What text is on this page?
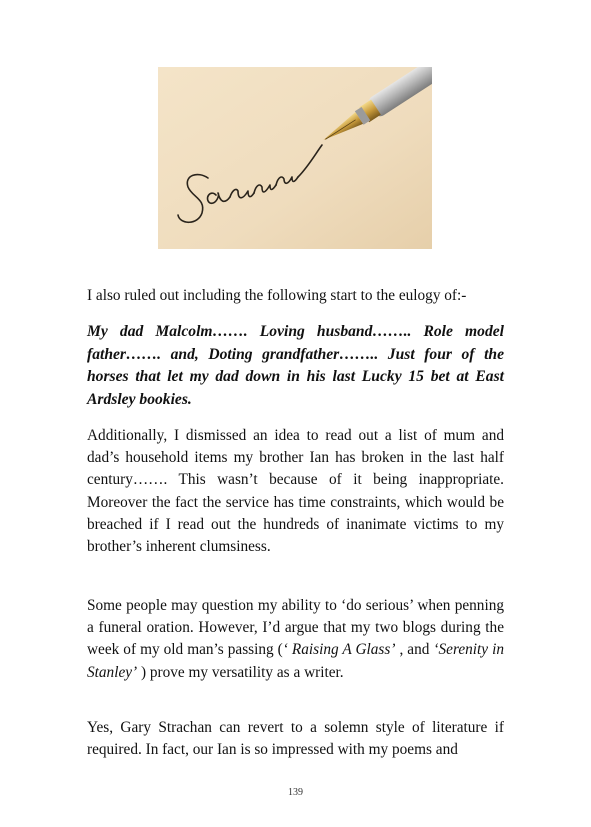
I also ruled out including the following start to the eulogy of:-

My dad Malcolm……. Loving husband…….. Role model father……. and, Doting grandfather…….. Just four of the horses that let my dad down in his last Lucky 15 bet at East Ardsley bookies.

Additionally, I dismissed an idea to read out a list of mum and dad’s household items my brother Ian has broken in the last half century……. This wasn’t because of it being inappropriate. Moreover the fact the service has time constraints, which would be breached if I read out the hundreds of inanimate victims to my brother’s inherent clumsiness.

Some people may question my ability to ‘do serious’ when penning a funeral oration. However, I’d argue that my two blogs during the week of my old man’s passing (‘ Raising A Glass’ , and ‘Serenity in Stanley’ ) prove my versatility as a writer.

Yes, Gary Strachan can revert to a solemn style of literature if required. In fact, our Ian is so impressed with my poems and

139
